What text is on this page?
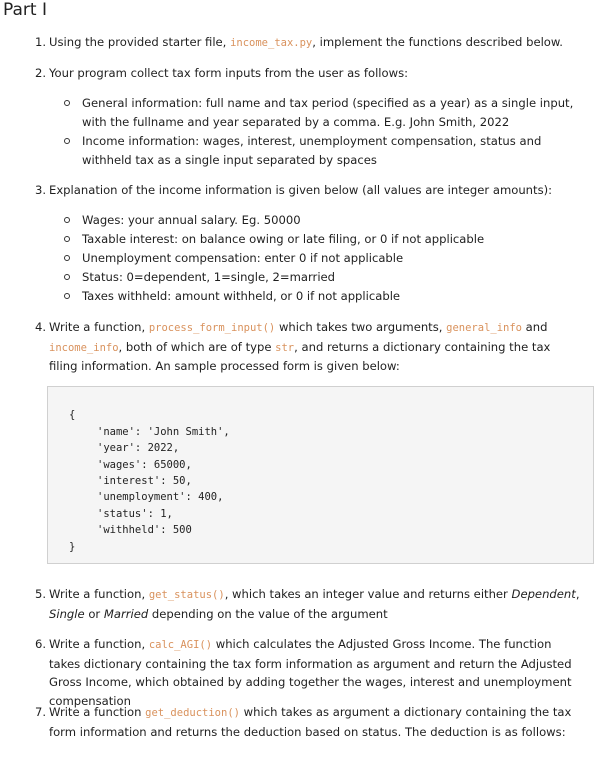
Part I
1. Using the provided starter file, income_tax.py, implement the functions described below.
2. Your program collect tax form inputs from the user as follows:
General information: full name and tax period (specified as a year) as a single input, with the fullname and year separated by a comma. E.g. John Smith, 2022
Income information: wages, interest, unemployment compensation, status and withheld tax as a single input separated by spaces
3. Explanation of the income information is given below (all values are integer amounts):
Wages: your annual salary. Eg. 50000
Taxable interest: on balance owing or late filing, or 0 if not applicable
Unemployment compensation: enter 0 if not applicable
Status: 0=dependent, 1=single, 2=married
Taxes withheld: amount withheld, or 0 if not applicable
4. Write a function, process_form_input() which takes two arguments, general_info and income_info, both of which are of type str, and returns a dictionary containing the tax filing information. An sample processed form is given below:
{
'name': 'John Smith',
'year': 2022,
'wages': 65000,
'interest': 50,
'unemployment': 400,
'status': 1,
'withheld': 500
}
5. Write a function, get_status(), which takes an integer value and returns either Dependent, Single or Married depending on the value of the argument
6. Write a function, calc_AGI() which calculates the Adjusted Gross Income. The function takes dictionary containing the tax form information as argument and return the Adjusted Gross Income, which obtained by adding together the wages, interest and unemployment compensation
7. Write a function get_deduction() which takes as argument a dictionary containing the tax form information and returns the deduction based on status. The deduction is as follows:
